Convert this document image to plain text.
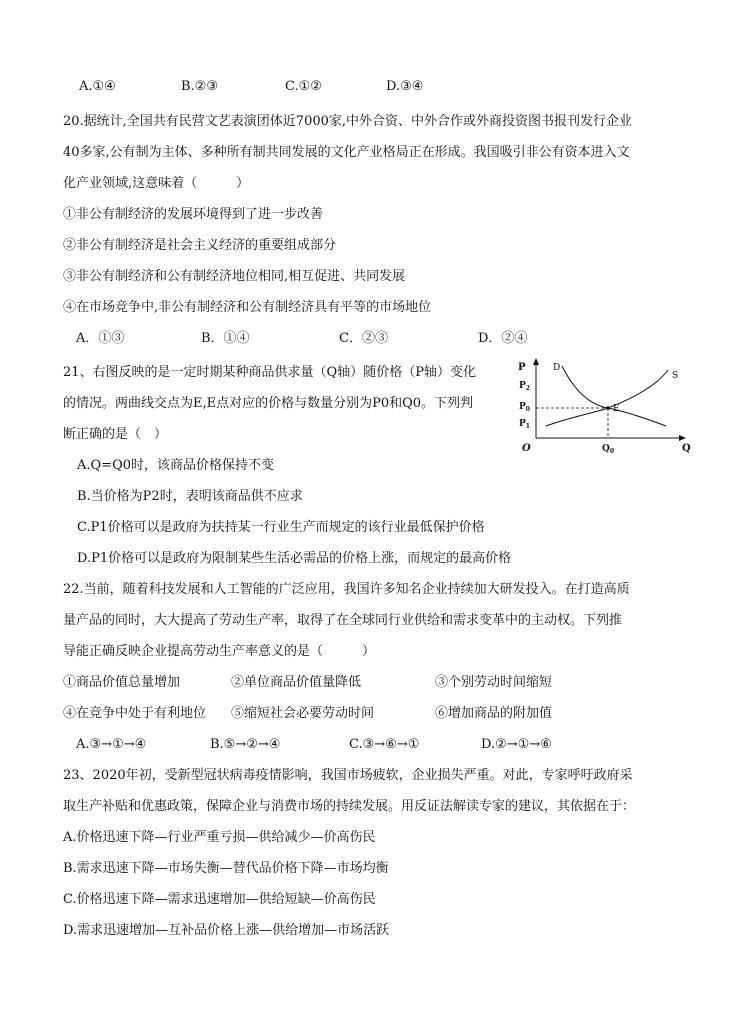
A.①④	B.②③	C.①②	D.③④
20.据统计,全国共有民营文艺表演团体近7000家,中外合资、中外合作或外商投资图书报刊发行企业
40多家,公有制为主体、多种所有制共同发展的文化产业格局正在形成。我国吸引非公有资本进入文
化产业领域,这意味着（　　　）
①非公有制经济的发展环境得到了进一步改善
②非公有制经济是社会主义经济的重要组成部分
③非公有制经济和公有制经济地位相同,相互促进、共同发展
④在市场竞争中,非公有制经济和公有制经济具有平等的市场地位
A．①③	B．①④	C．②③	D．②④
21、右图反映的是一定时期某种商品供求量（Q轴）随价格（P轴）变化
的情况。两曲线交点为E,E点对应的价格与数量分别为P0和Q0。下列判
断正确的是（　）
A.Q=Q0时，该商品价格保持不变
B.当价格为P2时，表明该商品供不应求
C.P1价格可以是政府为扶持某一行业生产而规定的该行业最低保护价格
D.P1价格可以是政府为限制某些生活必需品的价格上涨，而规定的最高价格
P	D
S
E
$P_2$
$P_0$
$P_1$
O	$Q_0$	Q
22.当前，随着科技发展和人工智能的广泛应用，我国许多知名企业持续加大研发投入。在打造高质
量产品的同时，大大提高了劳动生产率，取得了在全球同行业供给和需求变革中的主动权。下列推
导能正确反映企业提高劳动生产率意义的是（　　　）
①商品价值总量增加	②单位商品价值量降低	③个别劳动时间缩短
④在竞争中处于有利地位 ⑤缩短社会必要劳动时间	⑥增加商品的附加值
A.③→①→④	B.⑤→②→④	C.③→⑥→①	D.②→①→⑥
23、2020年初，受新型冠状病毒疫情影响，我国市场疲软，企业损失严重。对此，专家呼吁政府采
取生产补贴和优惠政策，保障企业与消费市场的持续发展。用反证法解读专家的建议，其依据在于：
A.价格迅速下降—行业严重亏损—供给减少—价高伤民
B.需求迅速下降—市场失衡—替代品价格下降—市场均衡
C.价格迅速下降—需求迅速增加—供给短缺—价高伤民
D.需求迅速增加—互补品价格上涨—供给增加—市场活跃
